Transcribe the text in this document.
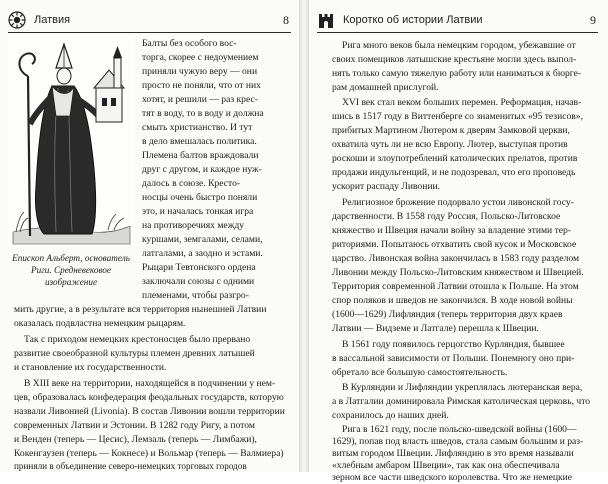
Латвия	8
Епископ Альберт, основатель
Риги. Средневековое изображение
Балты без особого вос-
торга, скорее с недоумением
приняли чужую веру — они
просто не поняли, что от них
хотят, и решили — раз крес-
тят в воду, то в воду и должна
смыть христианство. И тут
в дело вмешалась политика.
Племена балтов враждовали
друг с другом, и каждое нуж-
далось в союзе. Кресто-
носцы очень быстро поняли
это, и началась тонкая игра
на противоречиях между
куршами, земгалами, селами,
латгалами, а заодно и эстами.
Рыцари Тевтонского ордена
заключали союзы с одними
племенами, чтобы разгро-
мить другие, а в результате вся территория нынешней Латвии
оказалась подвластна немецким рыцарям.
Так с приходом немецких крестоносцев было прервано
развитие своеобразной культуры племен древних латышей
и становление их государственности.
В XIII веке на территории, находящейся в подчинении у нем-
цев, образовалась конфедерация феодальных государств, которую
назвали Ливонией (Livonia). В состав Ливонии вошли территории
современных Латвии и Эстонии. В 1282 году Ригу, а потом
и Венден (теперь — Цесис), Лемзаль (теперь — Лимбажи),
Кокенгаузен (теперь — Кокнесе) и Вольмар (теперь — Валмиера)
приняли в объединение северо-немецких торговых городов
Коротко об истории Латвии	9
Рига много веков была немецким городом, убежавшие от
своих помещиков латышские крестьяне могли здесь выпол-
нять только самую тяжелую работу или наниматься к бюрге-
рам домашней прислугой.
XVI век стал веком больших перемен. Реформация, начав-
шись в 1517 году в Виттенберге со знаменитых «95 тезисов»,
прибитых Мартином Лютером к дверям Замковой церкви,
охватила чуть ли не всю Европу. Лютер, выступая против
роскоши и злоупотреблений католических прелатов, против
продажи индульгенций, и не подозревал, что его проповедь
ускорит распаду Ливонии.
Религиозное брожение подорвало устои ливонской госу-
дарственности. В 1558 году Россия, Польско-Литовское
княжество и Швеция начали войну за владение этими тер-
риториями. Попытаюсь отхватить свой кусок и Московское
царство. Ливонская война закончилась в 1583 году разделом
Ливонии между Польско-Литовским княжеством и Швецией.
Территория современной Латвии отошла к Польше. На этом
спор поляков и шведов не закончился. В ходе новой войны
(1600—1629) Лифляндия (теперь территория двух краев
Латвии — Видземе и Латгале) перешла к Швеции.
В 1561 году появилось герцогство Курляндия, бывшее
в вассальной зависимости от Польши. Понемногу оно при-
обретало все большую самостоятельность.
В Курляндии и Лифляндии укреплялась лютеранская вера,
а в Латгалии доминировала Римская католическая церковь, что
сохранилось до наших дней.
Рига в 1621 году, после польско-шведской войны (1600—
1629), попав под власть шведов, стала самым большим и раз-
витым городом Швеции. Лифляндию в это время называли
«хлебным амбаром Швеции», так как она обеспечивала
зерном все части шведского королевства. Что же немецкие
